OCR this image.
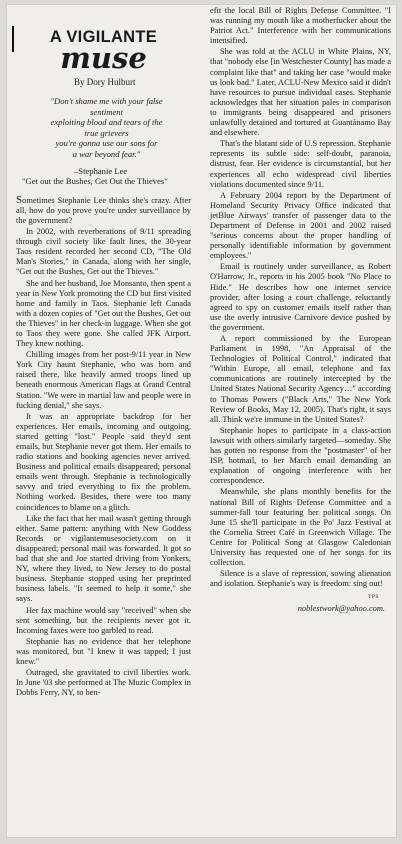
A VIGILANTE
muse
By Dory Hulburt
"Don't shame me with your false
sentiment
exploiting blood and tears of the
true grievers
you're gonna use our sons for
a war beyond fear."
–Stephanie Lee
"Get out the Bushes, Get Out the Thieves"

Sometimes Stephanie Lee thinks she's crazy. After all, how do you prove you're under surveillance by the government?

In 2002, with reverberations of 9/11 spreading through civil society like fault lines, the 30-year Taos resident recorded her second CD, "The Old Man's Stories," in Canada, along with her single, "Get out the Bushes, Get out the Thieves."

She and her husband, Joe Monsanto, then spent a year in New York promoting the CD but first visited home and family in Taos. Stephanie left Canada with a dozen copies of "Get out the Bushes, Get out the Thieves" in her check-in luggage. When she got to Taos they were gone. She called JFK Airport. They knew nothing.

Chilling images from her post-9/11 year in New York City haunt Stephanie, who was born and raised there, like heavily armed troops lined up beneath enormous American flags at Grand Central Station. "We were in martial law and people were in fucking denial," she says.

It was an appropriate backdrop for her experiences. Her emails, incoming and outgoing, started getting "lost." People said they'd sent emails, but Stephanie never got them. Her emails to radio stations and booking agencies never arrived. Business and political emails disappeared; personal emails went through. Stephanie is technologically savvy and tried everything to fix the problem. Nothing worked. Besides, there were too many coincidences to blame on a glitch.

Like the fact that her mail wasn't getting through either. Same pattern: anything with New Goddess Records or vigilantemusesociety.com on it disappeared; personal mail was forwarded. It got so bad that she and Joe started driving from Yonkers, NY, where they lived, to New Jersey to do postal business. Stephanie stopped using her preprinted business labels. "It seemed to help it some," she says.

Her fax machine would say "received" when she sent something, but the recipients never got it. Incoming faxes were too garbled to read.

Stephanie has no evidence that her telephone was monitored, but "I knew it was tapped; I just knew."

Outraged, she gravitated to civil liberties work. In June '03 she performed at The Muzic Complex in Dobbs Ferry, NY, to ben-

efit the local Bill of Rights Defense Committee. "I was running my mouth like a motherfucker about the Patriot Act." Interference with her communications intensified.

She was told at the ACLU in White Plains, NY, that "nobody else [in Westchester County] has made a complaint like that" and taking her case "would make us look bad." Later, ACLU-New Mexico said it didn't have resources to pursue individual cases. Stephanie acknowledges that her situation pales in comparison to immigrants being disappeared and prisoners unlawfully detained and tortured at Guantánamo Bay and elsewhere.

That's the blatant side of U.S repression. Stephanie represents its subtle side: self-doubt, paranoia, distrust, fear. Her evidence is circumstantial, but her experiences all echo widespread civil liberties violations documented since 9/11.

A February 2004 report by the Department of Homeland Security Privacy Office indicated that jetBlue Airways' transfer of passenger data to the Department of Defense in 2001 and 2002 raised "serious concerns about the proper handling of personally identifiable information by government employees."

Email is routinely under surveillance, as Robert O'Harrow, Jr., reports in his 2005 book "No Place to Hide." He describes how one internet service provider, after losing a court challenge, reluctantly agreed to spy on customer emails itself rather than use the overly intrusive Carnivore device pushed by the government.

A report commissioned by the European Parliament in 1998, "An Appraisal of the Technologies of Political Control," indicated that "Within Europe, all email, telephone and fax communications are routinely intercepted by the United States National Security Agency…" according to Thomas Powers ("Black Arts," The New York Review of Books, May 12, 2005). That's right, it says all. Think we're immune in the United States?

Stephanie hopes to participate in a class-action lawsuit with others similarly targeted—someday. She has gotten no response from the "postmaster" of her ISP, hotmail, to her March email demanding an explanation of ongoing interference with her correspondence.

Meanwhile, she plans monthly benefits for the national Bill of Rights Defense Committee and a summer-fall tour featuring her political songs. On June 15 she'll participate in the Po' Jazz Festival at the Cornelia Street Café in Greenwich Village. The Centre for Political Song at Glasgow Caledonian University has requested one of her songs for its collection.

Silence is a slave of repression, sowing alienation and isolation. Stephanie's way is freedom: sing out!

TPS
noblestwork@yahoo.com.
